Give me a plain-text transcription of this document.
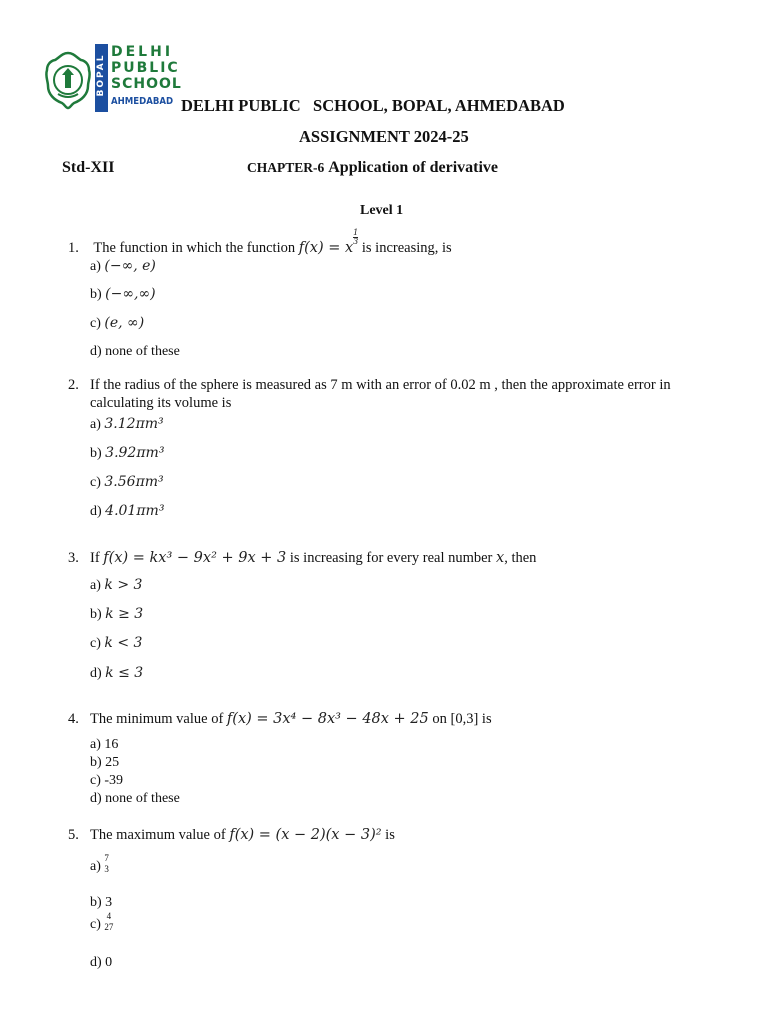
BOPAL
DELHI
PUBLIC
SCHOOL
AHMEDABAD DELHI PUBLIC   SCHOOL, BOPAL, AHMEDABAD
ASSIGNMENT 2024-25
Std-XII	CHAPTER-6 Application of derivative
Level 1
1. The function in which the function f(x) = x
$\frac{1}{3}$
is increasing, is
a) (−∞, e)
b) (−∞,∞)
c) (e, ∞)
d) none of these
2. If the radius of the sphere is measured as 7 m with an error of 0.02 m , then the approximate error in
calculating its volume is
a) 3.12πm³
b) 3.92πm³
c) 3.56πm³
d) 4.01πm³
3. If f(x) = kx³ − 9x² + 9x + 3 is increasing for every real number x, then
a) k > 3
b) k ≥ 3
c) k < 3
d) k ≤ 3
4. The minimum value of f(x) = 3x⁴ − 8x³ − 48x + 25 on [0,3] is
a) 16
b) 25
c) -39
d) none of these
5. The maximum value of f(x) = (x − 2)(x − 3)² is
a)
7
3
b) 3
c)
4
27
d) 0
